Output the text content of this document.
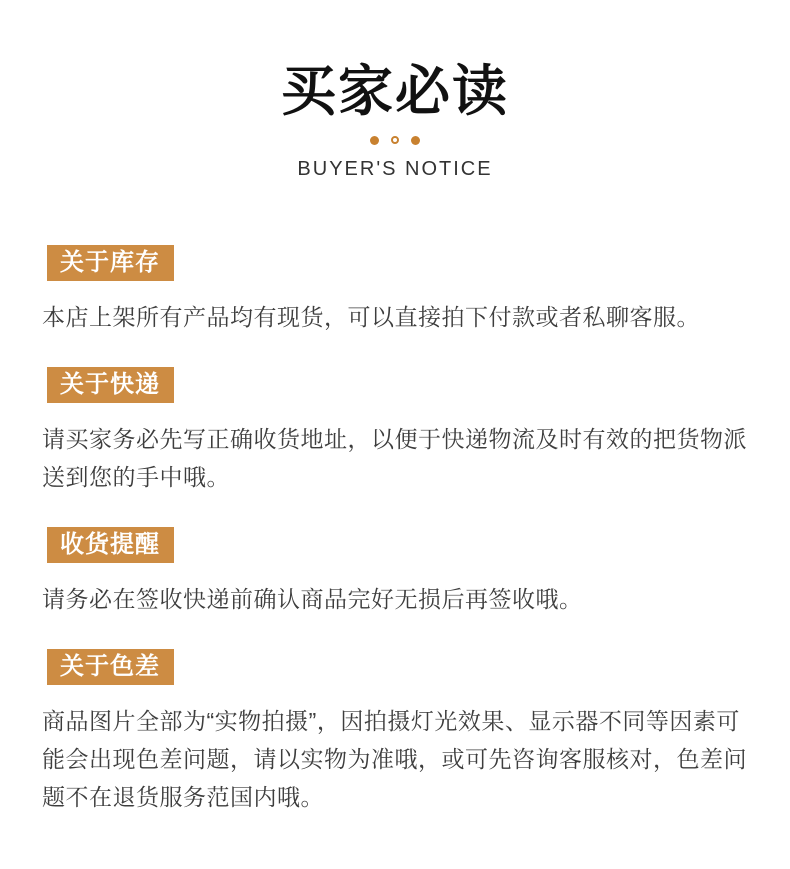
买家必读
BUYER'S NOTICE
关于库存
本店上架所有产品均有现货，可以直接拍下付款或者私聊客服。
关于快递
请买家务必先写正确收货地址，以便于快递物流及时有效的把货物派送到您的手中哦。
收货提醒
请务必在签收快递前确认商品完好无损后再签收哦。
关于色差
商品图片全部为“实物拍摄”，因拍摄灯光效果、显示器不同等因素可能会出现色差问题，请以实物为准哦，或可先咨询客服核对，色差问题不在退货服务范国内哦。
